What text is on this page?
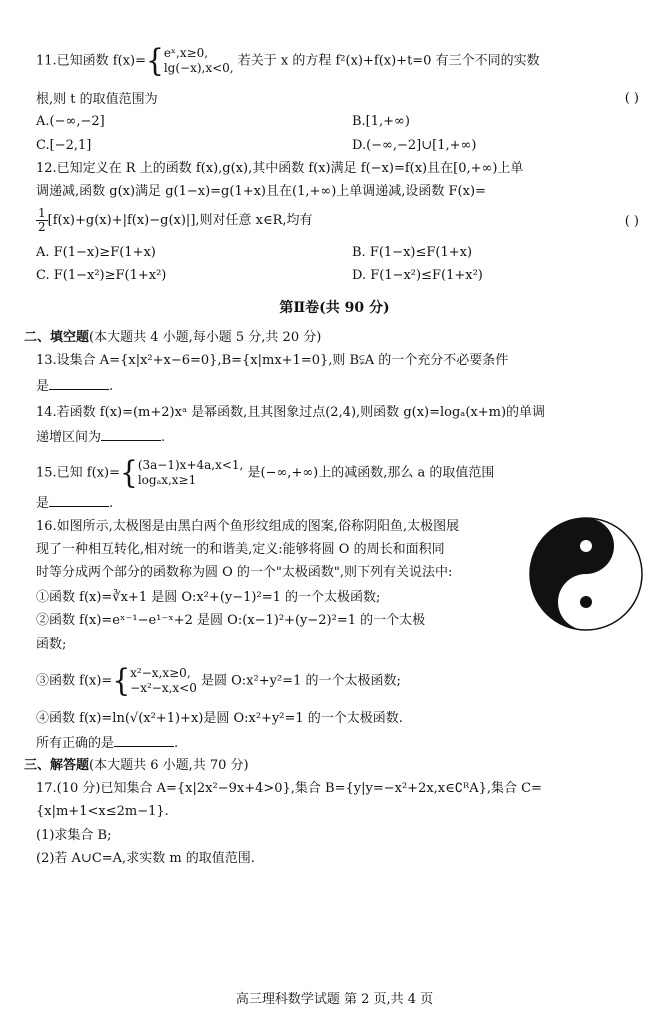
11.已知函数 f(x)={ eˣ,x≥0,
lg(−x),x<0, 若关于 x 的方程 f²(x)+f(x)+t=0 有三个不同的实数
根,则 t 的取值范围为	( )
A.(−∞,−2]	B.[1,+∞)
C.[−2,1]	D.(−∞,−2]∪[1,+∞)
12.已知定义在 R 上的函数 f(x),g(x),其中函数 f(x)满足 f(−x)=f(x)且在[0,+∞)上单
调递减,函数 g(x)满足 g(1−x)=g(1+x)且在(1,+∞)上单调递减,设函数 F(x)=
$\frac{1}{2} [f(x)+g(x)+|f(x)-g(x)|]$,则对任意 x∈R,均有	( )
A. F(1−x)≥F(1+x)	B. F(1−x)≤F(1+x)
C. F(1−x²)≥F(1+x²)	D. F(1−x²)≤F(1+x²)
第Ⅱ卷(共 90 分)
二、填空题(本大题共 4 小题,每小题 5 分,共 20 分)
13.设集合 A={x|x²+x−6=0},B={x|mx+1=0},则 B⫋A 的一个充分不必要条件
是	.
14.若函数 f(x)=(m+2)xᵃ 是幂函数,且其图象过点(2,4),则函数 g(x)=logₐ(x+m)的单调
递增区间为	.
15.已知 f(x)={ (3a−1)x+4a,x<1,
logₐx,x≥1	是(−∞,+∞)上的减函数,那么 a 的取值范围
是	.
16.如图所示,太极图是由黑白两个鱼形纹组成的图案,俗称阴阳鱼,太极图展
现了一种相互转化,相对统一的和谐美,定义:能够将圆 O 的周长和面积同
时等分成两个部分的函数称为圆 O 的一个"太极函数",则下列有关说法中:
①函数 f(x)=∛x+1 是圆 O:x²+(y−1)²=1 的一个太极函数;
②函数 f(x)=eˣ⁻¹−e¹⁻ˣ+2 是圆 O:(x−1)²+(y−2)²=1 的一个太极
函数;
③函数 f(x)={ x²−x,x≥0,
−x²−x,x<0 是圆 O:x²+y²=1 的一个太极函数;
④函数 f(x)=ln(√(x²+1)+x)是圆 O:x²+y²=1 的一个太极函数.
所有正确的是	.
三、解答题(本大题共 6 小题,共 70 分)
17.(10 分)已知集合 A={x|2x²−9x+4>0},集合 B={y|y=−x²+2x,x∈∁ᴿA},集合 C=
{x|m+1<x≤2m−1}.
(1)求集合 B;
(2)若 A∪C=A,求实数 m 的取值范围.
高三理科数学试题 第 2 页,共 4 页
